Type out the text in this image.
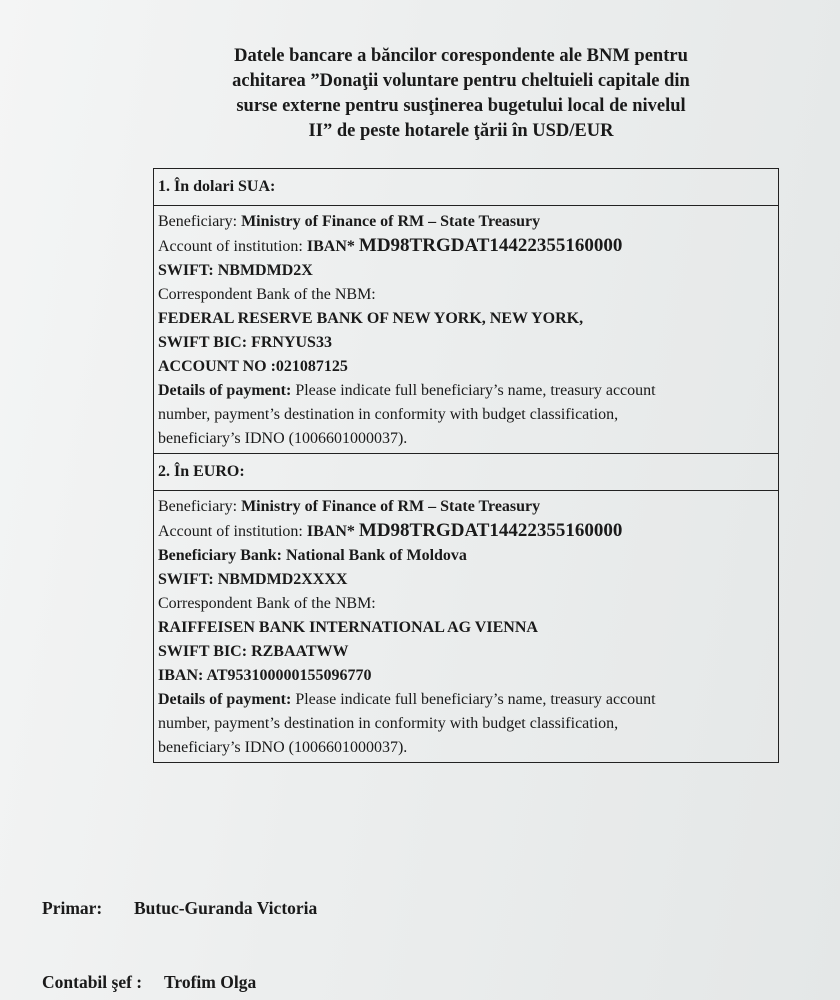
Datele bancare a băncilor corespondente ale BNM pentru
achitarea ”Donaţii voluntare pentru cheltuieli capitale din
surse externe pentru susţinerea bugetului local de nivelul
II” de peste hotarele ţării în USD/EUR
1. În dolari SUA:
Beneficiary: Ministry of Finance of RM – State Treasury
Account of institution: IBAN* MD98TRGDAT14422355160000
SWIFT: NBMDMD2X
Correspondent Bank of the NBM:
FEDERAL RESERVE BANK OF NEW YORK, NEW YORK,
SWIFT BIC: FRNYUS33
ACCOUNT NO :021087125
Details of payment: Please indicate full beneficiary’s name, treasury account
number, payment’s destination in conformity with budget classification,
beneficiary’s IDNO (1006601000037).
2. În EURO:
Beneficiary: Ministry of Finance of RM – State Treasury
Account of institution: IBAN* MD98TRGDAT14422355160000
Beneficiary Bank: National Bank of Moldova
SWIFT: NBMDMD2XXXX
Correspondent Bank of the NBM:
RAIFFEISEN BANK INTERNATIONAL AG VIENNA
SWIFT BIC: RZBAATWW
IBAN: AT953100000155096770
Details of payment: Please indicate full beneficiary’s name, treasury account
number, payment’s destination in conformity with budget classification,
beneficiary’s IDNO (1006601000037).
Primar: Butuc-Guranda Victoria
Contabil şef : Trofim Olga
